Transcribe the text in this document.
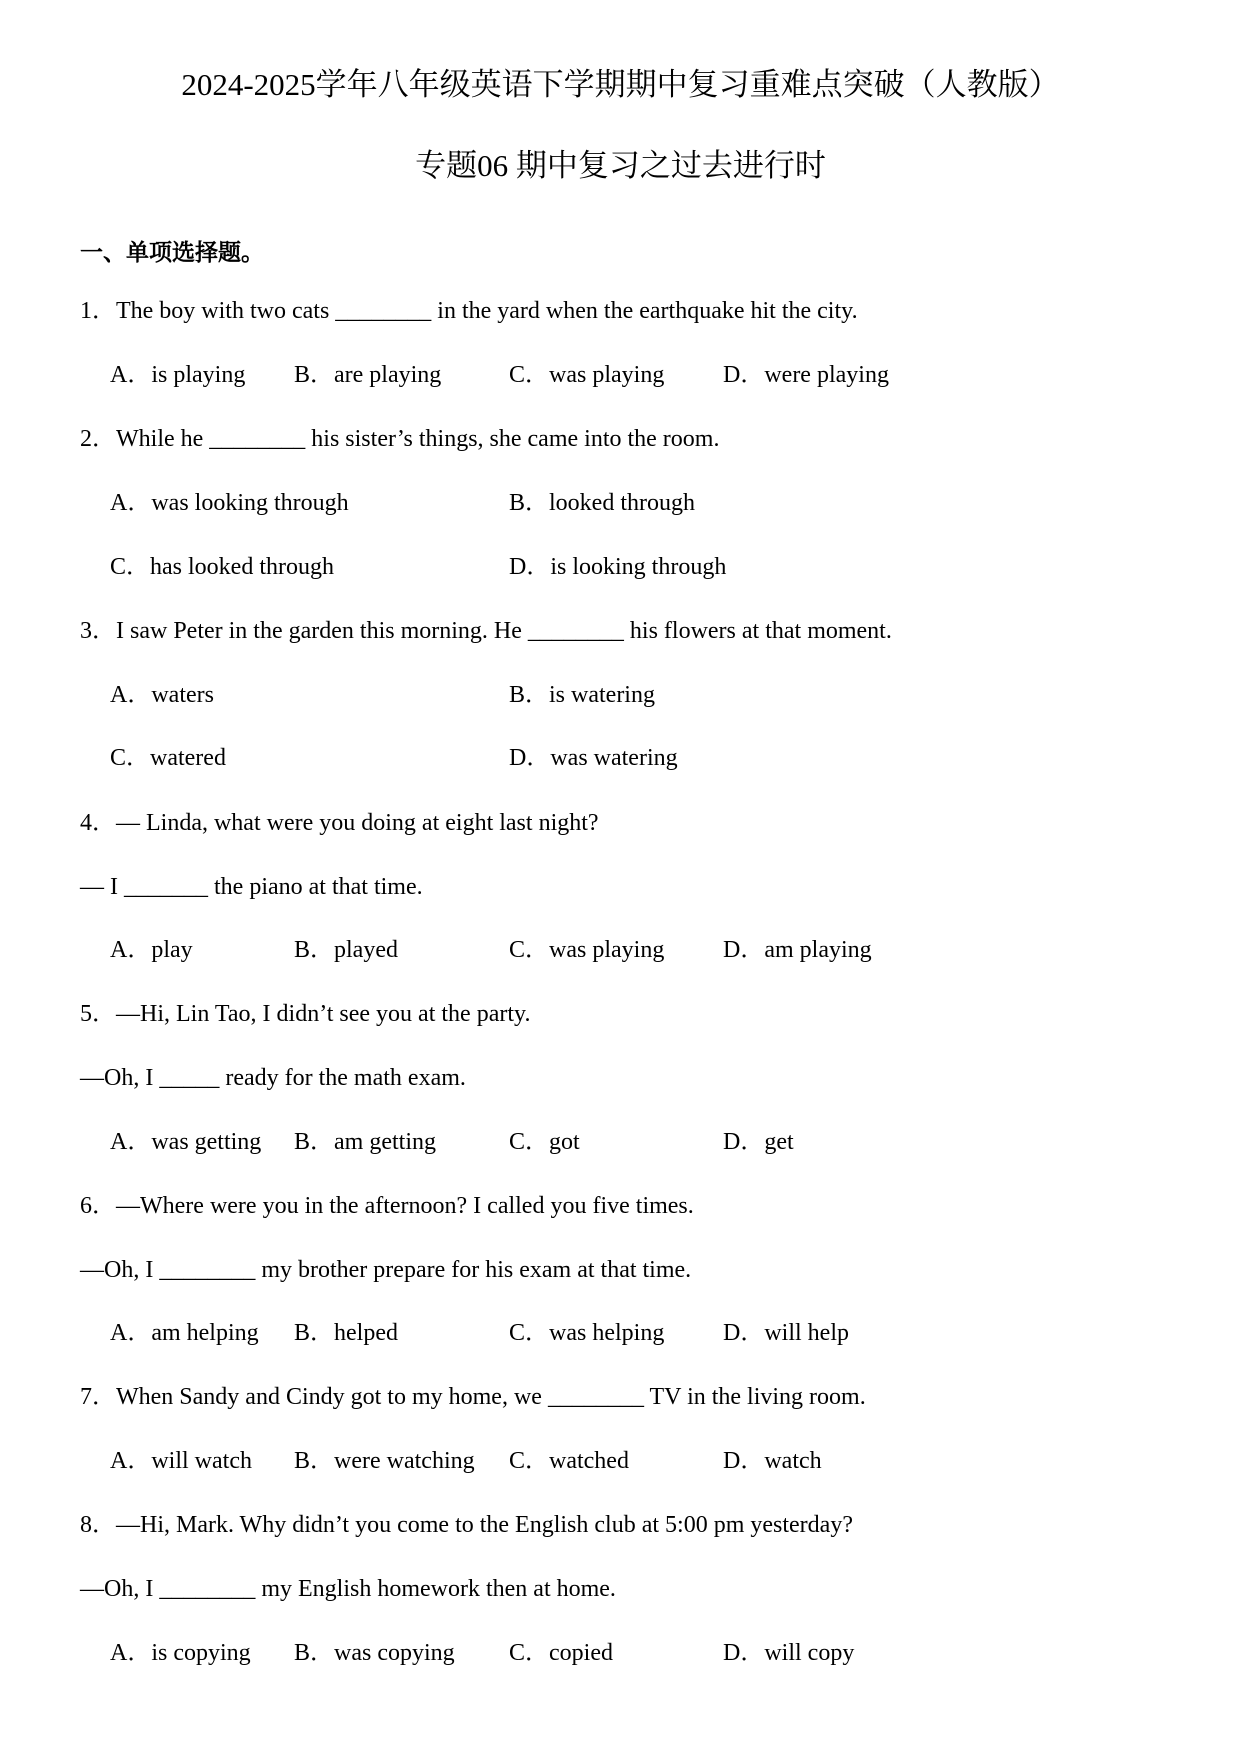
2024-2025学年八年级英语下学期期中复习重难点突破（人教版）
专题06 期中复习之过去进行时
一、单项选择题。
1．The boy with two cats ________ in the yard when the earthquake hit the city.
A．is playing B．are playing	C．was playing D．were playing
2．While he ________ his sister’s things, she came into the room.
A．was looking through	B．looked through
C．has looked through	D．is looking through
3．I saw Peter in the garden this morning. He ________ his flowers at that moment.
A．waters	B．is watering
C．watered	D．was watering
4．— Linda, what were you doing at eight last night?
— I _______ the piano at that time.
A．play	B．played	C．was playing D．am playing
5．—Hi, Lin Tao, I didn’t see you at the party.
—Oh, I _____ ready for the math exam.
A．was getting B．am getting	C．got	D．get
6．—Where were you in the afternoon? I called you five times.
—Oh, I ________ my brother prepare for his exam at that time.
A．am helping B．helped	C．was helping D．will help
7．When Sandy and Cindy got to my home, we ________ TV in the living room.
A．will watch B．were watching C．watched	D．watch
8．—Hi, Mark. Why didn’t you come to the English club at 5:00 pm yesterday?
—Oh, I ________ my English homework then at home.
A．is copying B．was copying C．copied	D．will copy
